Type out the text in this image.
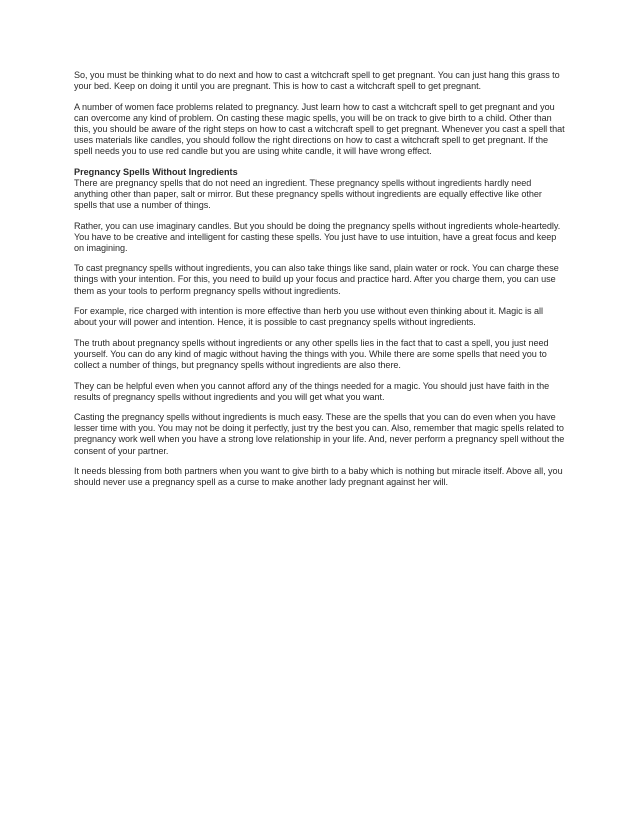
So, you must be thinking what to do next and how to cast a witchcraft spell to get pregnant. You can just hang this grass to your bed. Keep on doing it until you are pregnant. This is how to cast a witchcraft spell to get pregnant.

A number of women face problems related to pregnancy. Just learn how to cast a witchcraft spell to get pregnant and you can overcome any kind of problem. On casting these magic spells, you will be on track to give birth to a child. Other than this, you should be aware of the right steps on how to cast a witchcraft spell to get pregnant. Whenever you cast a spell that uses materials like candles, you should follow the right directions on how to cast a witchcraft spell to get pregnant. If the spell needs you to use red candle but you are using white candle, it will have wrong effect.

Pregnancy Spells Without Ingredients

There are pregnancy spells that do not need an ingredient. These pregnancy spells without ingredients hardly need anything other than paper, salt or mirror. But these pregnancy spells without ingredients are equally effective like other spells that use a number of things.

Rather, you can use imaginary candles. But you should be doing the pregnancy spells without ingredients whole-heartedly. You have to be creative and intelligent for casting these spells. You just have to use intuition, have a great focus and keep on imagining.

To cast pregnancy spells without ingredients, you can also take things like sand, plain water or rock. You can charge these things with your intention. For this, you need to build up your focus and practice hard. After you charge them, you can use them as your tools to perform pregnancy spells without ingredients.

For example, rice charged with intention is more effective than herb you use without even thinking about it. Magic is all about your will power and intention. Hence, it is possible to cast pregnancy spells without ingredients.

The truth about pregnancy spells without ingredients or any other spells lies in the fact that to cast a spell, you just need yourself. You can do any kind of magic without having the things with you. While there are some spells that need you to collect a number of things, but pregnancy spells without ingredients are also there.

They can be helpful even when you cannot afford any of the things needed for a magic. You should just have faith in the results of pregnancy spells without ingredients and you will get what you want.

Casting the pregnancy spells without ingredients is much easy. These are the spells that you can do even when you have lesser time with you. You may not be doing it perfectly, just try the best you can. Also, remember that magic spells related to pregnancy work well when you have a strong love relationship in your life. And, never perform a pregnancy spell without the consent of your partner.

It needs blessing from both partners when you want to give birth to a baby which is nothing but miracle itself. Above all, you should never use a pregnancy spell as a curse to make another lady pregnant against her will.
